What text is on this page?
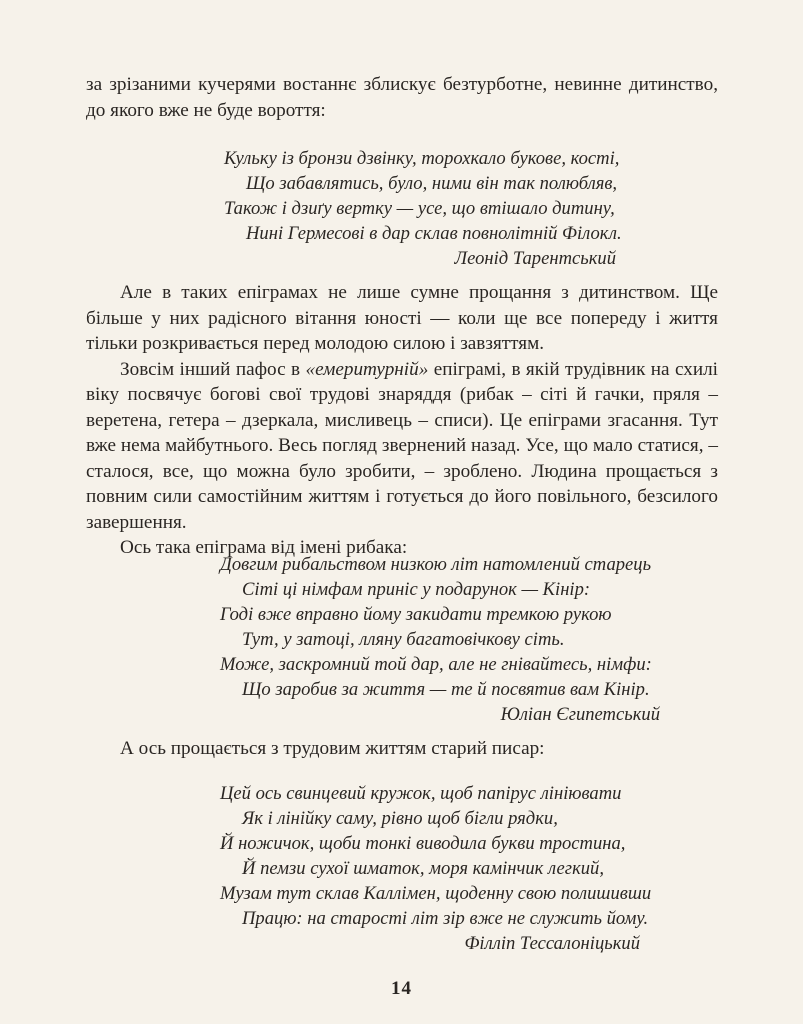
за зрізаними кучерями востаннє зблискує безтурботне, невинне дитинство, до якого вже не буде вороття:

Кульку із бронзи дзвінку, торохкало букове, кості,
Що забавлятись, було, ними він так полюбляв,
Також і дзиґу вертку — усе, що втішало дитину,
Нині Гермесові в дар склав повнолітній Філокл.
Леонід Тарентський

Але в таких епіграмах не лише сумне прощання з дитинством. Ще більше у них радісного вітання юності — коли ще все попереду і життя тільки розкривається перед молодою силою і завзяттям.

Зовсім інший пафос в «емеритурній» епіграмі, в якій трудівник на схилі віку посвячує богові свої трудові знаряддя (рибак – сіті й гачки, пряля – веретена, гетера – дзеркала, мисливець – списи). Це епіграми згасання. Тут вже нема майбутнього. Весь погляд звернений назад. Усе, що мало статися, – сталося, все, що можна було зробити, – зроблено. Людина прощається з повним сили самостійним життям і готується до його повільного, безсилого завершення.

Ось така епіграма від імені рибака:

Довгим рибальством низкою літ натомлений старець
Сіті ці німфам приніс у подарунок — Кінір:
Годі вже вправно йому закидати тремкою рукою
Тут, у затоці, лляну багатовічкову сіть.
Може, заскромний той дар, але не гнівайтесь, німфи:
Що заробив за життя — те й посвятив вам Кінір.
Юліан Єгипетський

А ось прощається з трудовим життям старий писар:

Цей ось свинцевий кружок, щоб папірус лініювати
Як і лінійку саму, рівно щоб бігли рядки,
Й ножичок, щоби тонкі виводила букви тростина,
Й пемзи сухої шматок, моря камінчик легкий,
Музам тут склав Каллімен, щоденну свою полишивши
Працю: на старості літ зір вже не служить йому.
Філліп Тессалоніцький
14
